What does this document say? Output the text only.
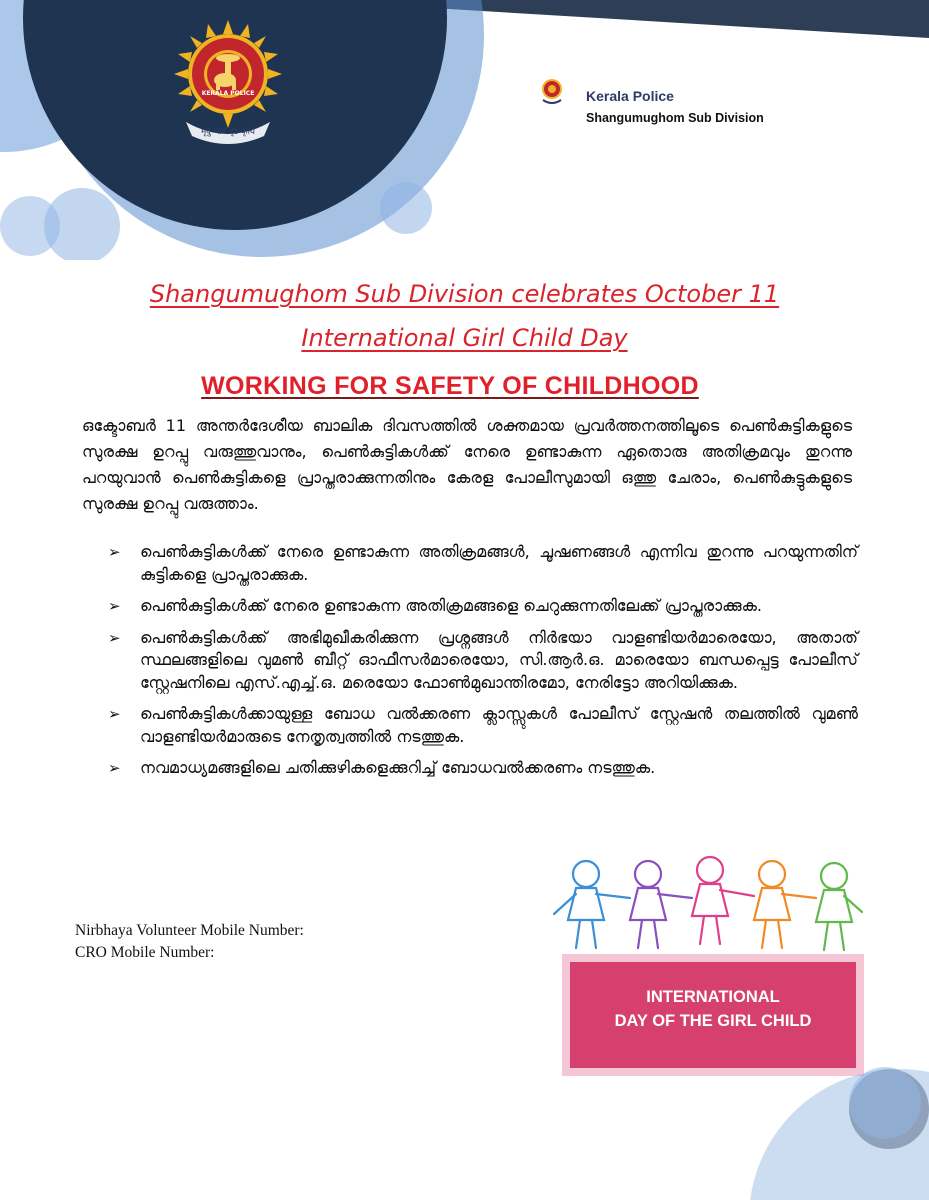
KERALA POLICE
मृदु भावे दृढ कृत्ये
Kerala Police
Shangumughom Sub Division
Shangumughom Sub Division celebrates October 11
International Girl Child Day
WORKING FOR SAFETY OF CHILDHOOD
ഒക്ടോബർ 11 അന്തർദേശീയ ബാലിക ദിവസത്തിൽ ശക്തമായ പ്രവർത്തനത്തിലൂടെ പെൺകുട്ടികളുടെ സുരക്ഷ ഉറപ്പു വരുത്തുവാനും, പെൺകുട്ടികൾക്ക് നേരെ ഉണ്ടാകുന്ന ഏതൊരു അതിക്രമവും തുറന്നു പറയുവാൻ പെൺകുട്ടികളെ പ്രാപ്തരാക്കുന്നതിനും കേരള പോലീസുമായി ഒത്തു ചേരാം, പെൺകുട്ടുകളുടെ സുരക്ഷ ഉറപ്പു വരുത്താം.
➢ പെൺകുട്ടികൾക്ക് നേരെ ഉണ്ടാകുന്ന അതിക്രമങ്ങൾ, ചൂഷണങ്ങൾ എന്നിവ തുറന്നു പറയുന്നതിന് കുട്ടികളെ പ്രാപ്തരാക്കുക.
➢ പെൺകുട്ടികൾക്ക് നേരെ ഉണ്ടാകുന്ന അതിക്രമങ്ങളെ ചെറുക്കുന്നതിലേക്ക് പ്രാപ്തരാക്കുക.
➢ പെൺകുട്ടികൾക്ക് അഭിമുഖീകരിക്കുന്ന പ്രശ്നങ്ങൾ നിർഭയാ വാളണ്ടിയർമാരെയോ, അതാത് സ്ഥലങ്ങളിലെ വുമൺ ബീറ്റ് ഓഫീസർമാരെയോ, സി.ആർ.ഒ. മാരെയോ ബന്ധപ്പെട്ട പോലീസ് സ്റ്റേഷനിലെ എസ്.എച്ച്.ഒ. മരെയോ ഫോൺമുഖാന്തിരമോ, നേരിട്ടോ അറിയിക്കുക.
➢ പെൺകുട്ടികൾക്കായുള്ള ബോധ വൽക്കരണ ക്ലാസ്സുകൾ പോലീസ് സ്റ്റേഷൻ തലത്തിൽ വുമൺ വാളണ്ടിയർമാരുടെ നേതൃത്വത്തിൽ നടത്തുക.
➢ നവമാധ്യമങ്ങളിലെ ചതിക്കുഴികളെക്കുറിച്ച് ബോധവൽക്കരണം നടത്തുക.
Nirbhaya Volunteer Mobile Number:
CRO Mobile Number:
INTERNATIONAL
DAY OF THE GIRL CHILD
